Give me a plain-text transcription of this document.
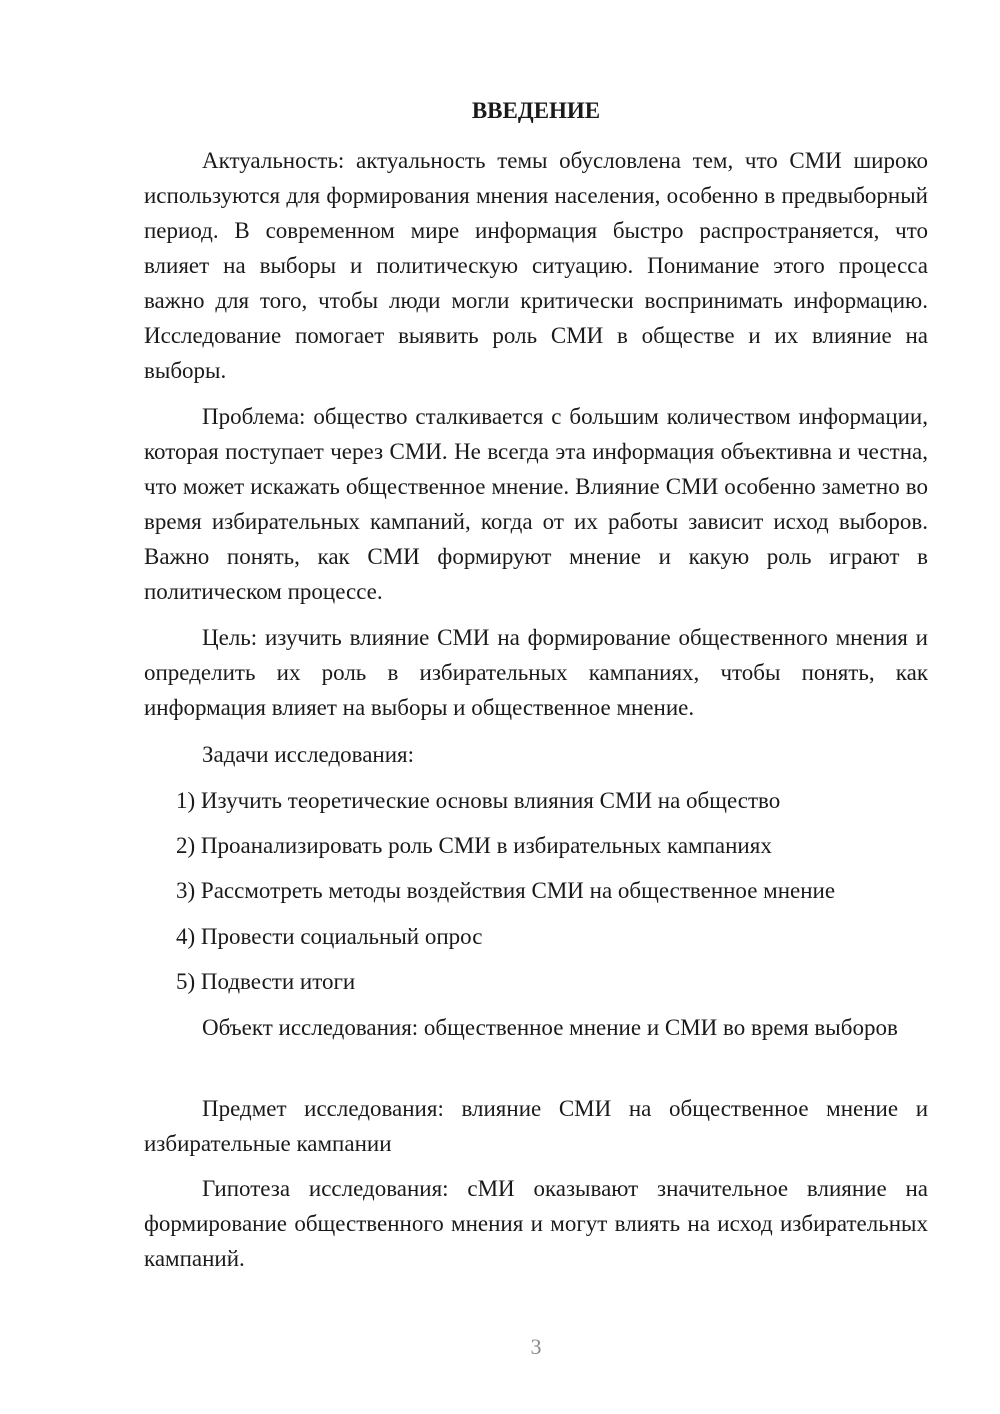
ВВЕДЕНИЕ

Актуальность: актуальность темы обусловлена тем, что СМИ широко используются для формирования мнения населения, особенно в предвыборный период. В современном мире информация быстро распространяется, что влияет на выборы и политическую ситуацию. Понимание этого процесса важно для того, чтобы люди могли критически воспринимать информацию. Исследование помогает выявить роль СМИ в обществе и их влияние на выборы.

Проблема: общество сталкивается с большим количеством информации, которая поступает через СМИ. Не всегда эта информация объективна и честна, что может искажать общественное мнение. Влияние СМИ особенно заметно во время избирательных кампаний, когда от их работы зависит исход выборов. Важно понять, как СМИ формируют мнение и какую роль играют в политическом процессе.

Цель: изучить влияние СМИ на формирование общественного мнения и определить их роль в избирательных кампаниях, чтобы понять, как информация влияет на выборы и общественное мнение.

Задачи исследования:

1) Изучить теоретические основы влияния СМИ на общество

2) Проанализировать роль СМИ в избирательных кампаниях

3) Рассмотреть методы воздействия СМИ на общественное мнение

4) Провести социальный опрос

5) Подвести итоги

Объект исследования: общественное мнение и СМИ во время выборов

Предмет исследования: влияние СМИ на общественное мнение и избирательные кампании

Гипотеза исследования: сМИ оказывают значительное влияние на формирование общественного мнения и могут влиять на исход избирательных кампаний.

3
